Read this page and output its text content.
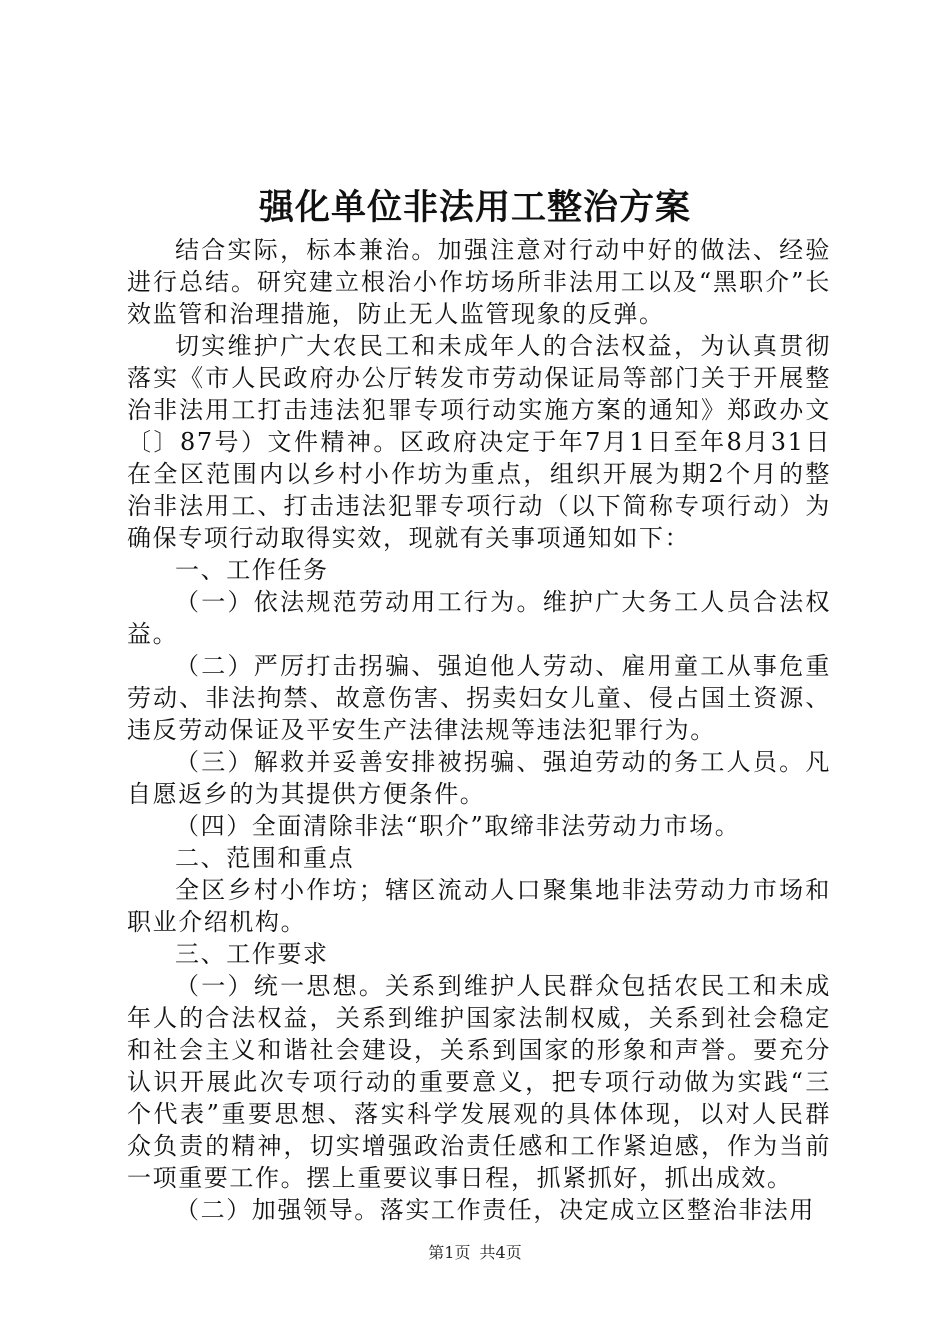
强化单位非法用工整治方案

结合实际，标本兼治。加强注意对行动中好的做法、经验进行总结。研究建立根治小作坊场所非法用工以及“黑职介”长效监管和治理措施，防止无人监管现象的反弹。

切实维护广大农民工和未成年人的合法权益，为认真贯彻落实《市人民政府办公厅转发市劳动保证局等部门关于开展整治非法用工打击违法犯罪专项行动实施方案的通知》郑政办文〔〕87号）文件精神。区政府决定于年7月1日至年8月31日在全区范围内以乡村小作坊为重点，组织开展为期2个月的整治非法用工、打击违法犯罪专项行动（以下简称专项行动）为确保专项行动取得实效，现就有关事项通知如下：

一、工作任务

（一）依法规范劳动用工行为。维护广大务工人员合法权益。

（二）严厉打击拐骗、强迫他人劳动、雇用童工从事危重劳动、非法拘禁、故意伤害、拐卖妇女儿童、侵占国土资源、违反劳动保证及平安生产法律法规等违法犯罪行为。

（三）解救并妥善安排被拐骗、强迫劳动的务工人员。凡自愿返乡的为其提供方便条件。

（四）全面清除非法“职介”取缔非法劳动力市场。

二、范围和重点

全区乡村小作坊；辖区流动人口聚集地非法劳动力市场和职业介绍机构。

三、工作要求

（一）统一思想。关系到维护人民群众包括农民工和未成年人的合法权益，关系到维护国家法制权威，关系到社会稳定和社会主义和谐社会建设，关系到国家的形象和声誉。要充分认识开展此次专项行动的重要意义，把专项行动做为实践“三个代表”重要思想、落实科学发展观的具体体现，以对人民群众负责的精神，切实增强政治责任感和工作紧迫感，作为当前一项重要工作。摆上重要议事日程，抓紧抓好，抓出成效。

（二）加强领导。落实工作责任，决定成立区整治非法用

第1页 共4页
